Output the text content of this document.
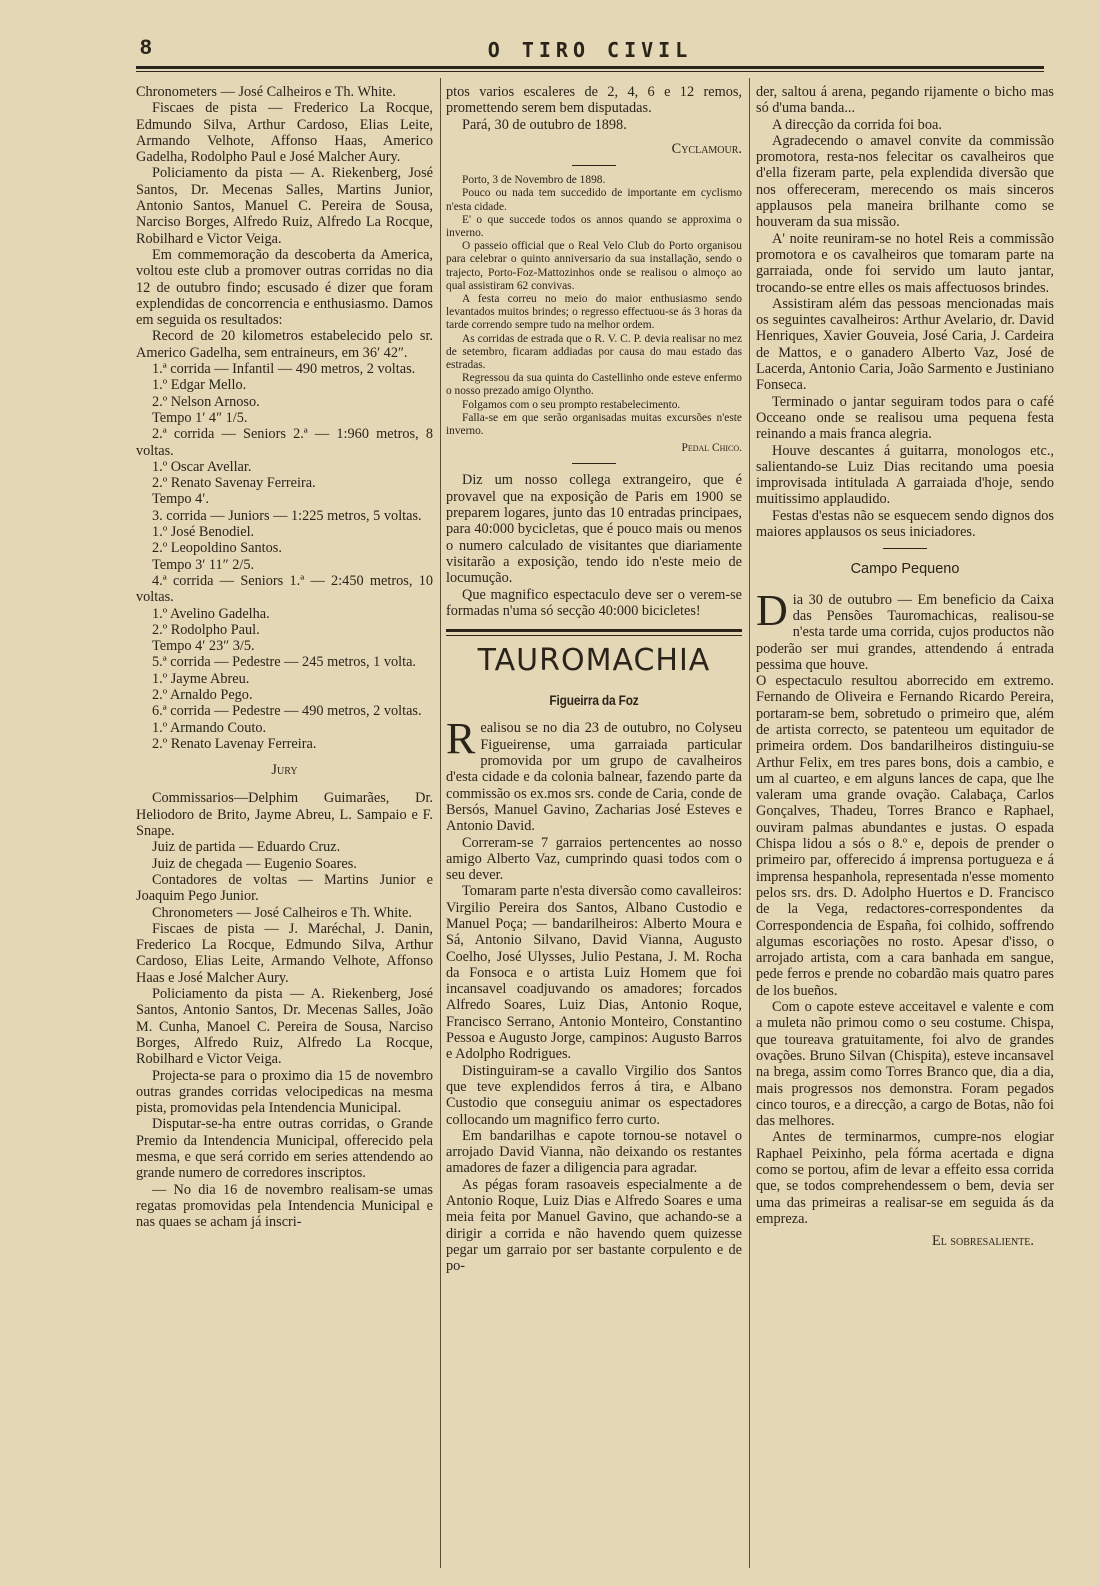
8	O TIRO CIVIL

Chronometers — José Calheiros e Th. White.

Fiscaes de pista — Frederico La Rocque, Edmundo Silva, Arthur Cardoso, Elias Leite, Armando Velhote, Affonso Haas, Americo Gadelha, Rodolpho Paul e José Malcher Aury.

Policiamento da pista — A. Riekenberg, José Santos, Dr. Mecenas Salles, Martins Junior, Antonio Santos, Manuel C. Pereira de Sousa, Narciso Borges, Alfredo Ruiz, Alfredo La Rocque, Robilhard e Victor Veiga.

Em commemoração da descoberta da America, voltou este club a promover outras corridas no dia 12 de outubro findo; escusado é dizer que foram explendidas de concorrencia e enthusiasmo. Damos em seguida os resultados:

Record de 20 kilometros estabelecido pelo sr. Americo Gadelha, sem entraineurs, em 36′ 42″.

1.ª corrida — Infantil — 490 metros, 2 voltas.

1.º Edgar Mello.

2.º Nelson Arnoso.

Tempo 1′ 4″ 1/5.

2.ª corrida — Seniors 2.ª — 1:960 metros, 8 voltas.

1.º Oscar Avellar.

2.º Renato Savenay Ferreira.

Tempo 4′.

3. corrida — Juniors — 1:225 metros, 5 voltas.

1.º José Benodiel.

2.º Leopoldino Santos.

Tempo 3′ 11″ 2/5.

4.ª corrida — Seniors 1.ª — 2:450 metros, 10 voltas.

1.º Avelino Gadelha.

2.º Rodolpho Paul.

Tempo 4′ 23″ 3/5.

5.ª corrida — Pedestre — 245 metros, 1 volta.

1.º Jayme Abreu.

2.º Arnaldo Pego.

6.ª corrida — Pedestre — 490 metros, 2 voltas.

1.º Armando Couto.

2.º Renato Lavenay Ferreira.

Jury

Commissarios—Delphim Guimarães, Dr. Heliodoro de Brito, Jayme Abreu, L. Sampaio e F. Snape.

Juiz de partida — Eduardo Cruz.

Juiz de chegada — Eugenio Soares.

Contadores de voltas — Martins Junior e Joaquim Pego Junior.

Chronometers — José Calheiros e Th. White.

Fiscaes de pista — J. Maréchal, J. Danin, Frederico La Rocque, Edmundo Silva, Arthur Cardoso, Elias Leite, Armando Velhote, Affonso Haas e José Malcher Aury.

Policiamento da pista — A. Riekenberg, José Santos, Antonio Santos, Dr. Mecenas Salles, João M. Cunha, Manoel C. Pereira de Sousa, Narciso Borges, Alfredo Ruiz, Alfredo La Rocque, Robilhard e Victor Veiga.

Projecta-se para o proximo dia 15 de novembro outras grandes corridas velocipedicas na mesma pista, promovidas pela Intendencia Municipal.

Disputar-se-ha entre outras corridas, o Grande Premio da Intendencia Municipal, offerecido pela mesma, e que será corrido em series attendendo ao grande numero de corredores inscriptos.

— No dia 16 de novembro realisam-se umas regatas promovidas pela Intendencia Municipal e nas quaes se acham já inscri-

ptos varios escaleres de 2, 4, 6 e 12 remos, promettendo serem bem disputadas.

Pará, 30 de outubro de 1898.

Cyclamour.

Porto, 3 de Novembro de 1898.

Pouco ou nada tem succedido de importante em cyclismo n'esta cidade.

E' o que succede todos os annos quando se approxima o inverno.

O passeio official que o Real Velo Club do Porto organisou para celebrar o quinto anniversario da sua installação, sendo o trajecto, Porto-Foz-Mattozinhos onde se realisou o almoço ao qual assistiram 62 convivas.

A festa correu no meio do maior enthusiasmo sendo levantados muitos brindes; o regresso effectuou-se ás 3 horas da tarde correndo sempre tudo na melhor ordem.

As corridas de estrada que o R. V. C. P. devia realisar no mez de setembro, ficaram addiadas por causa do mau estado das estradas.

Regressou da sua quinta do Castellinho onde esteve enfermo o nosso prezado amigo Olyntho.

Folgamos com o seu prompto restabelecimento.

Falla-se em que serão organisadas muitas excursões n'este inverno.

Pedal Chico.

Diz um nosso collega extrangeiro, que é provavel que na exposição de Paris em 1900 se preparem logares, junto das 10 entradas principaes, para 40:000 bycicletas, que é pouco mais ou menos o numero calculado de visitantes que diariamente visitarão a exposição, tendo ido n'este meio de locumução.

Que magnifico espectaculo deve ser o verem-se formadas n'uma só secção 40:000 bicicletes!

TAUROMACHIA
Figueirra da Foz

Realisou se no dia 23 de outubro, no Colyseu Figueirense, uma garraiada particular promovida por um grupo de cavalheiros d'esta cidade e da colonia balnear, fazendo parte da commissão os ex.mos srs. conde de Caria, conde de Bersós, Manuel Gavino, Zacharias José Esteves e Antonio David.

Correram-se 7 garraios pertencentes ao nosso amigo Alberto Vaz, cumprindo quasi todos com o seu dever.

Tomaram parte n'esta diversão como cavalleiros: Virgilio Pereira dos Santos, Albano Custodio e Manuel Poça; — bandarilheiros: Alberto Moura e Sá, Antonio Silvano, David Vianna, Augusto Coelho, José Ulysses, Julio Pestana, J. M. Rocha da Fonsoca e o artista Luiz Homem que foi incansavel coadjuvando os amadores; forcados Alfredo Soares, Luiz Dias, Antonio Roque, Francisco Serrano, Antonio Monteiro, Constantino Pessoa e Augusto Jorge, campinos: Augusto Barros e Adolpho Rodrigues.

Distinguiram-se a cavallo Virgilio dos Santos que teve explendidos ferros á tira, e Albano Custodio que conseguiu animar os espectadores collocando um magnifico ferro curto.

Em bandarilhas e capote tornou-se notavel o arrojado David Vianna, não deixando os restantes amadores de fazer a diligencia para agradar.

As pégas foram rasoaveis especialmente a de Antonio Roque, Luiz Dias e Alfredo Soares e uma meia feita por Manuel Gavino, que achando-se a dirigir a corrida e não havendo quem quizesse pegar um garraio por ser bastante corpulento e de po-

der, saltou á arena, pegando rijamente o bicho mas só d'uma banda...

A direcção da corrida foi boa.

Agradecendo o amavel convite da commissão promotora, resta-nos felecitar os cavalheiros que d'ella fizeram parte, pela explendida diversão que nos offereceram, merecendo os mais sinceros applausos pela maneira brilhante como se houveram da sua missão.

A' noite reuniram-se no hotel Reis a commissão promotora e os cavalheiros que tomaram parte na garraiada, onde foi servido um lauto jantar, trocando-se entre elles os mais affectuosos brindes.

Assistiram além das pessoas mencionadas mais os seguintes cavalheiros: Arthur Avelario, dr. David Henriques, Xavier Gouveia, José Caria, J. Cardeira de Mattos, e o ganadero Alberto Vaz, José de Lacerda, Antonio Caria, João Sarmento e Justiniano Fonseca.

Terminado o jantar seguiram todos para o café Occeano onde se realisou uma pequena festa reinando a mais franca alegria.

Houve descantes á guitarra, monologos etc., salientando-se Luiz Dias recitando uma poesia improvisada intitulada A garraiada d'hoje, sendo muitissimo applaudido.

Festas d'estas não se esquecem sendo dignos dos maiores applausos os seus iniciadores.

Campo Pequeno

Dia 30 de outubro — Em beneficio da Caixa das Pensões Tauromachicas, realisou-se n'esta tarde uma corrida, cujos productos não poderão ser mui grandes, attendendo á entrada pessima que houve.

O espectaculo resultou aborrecido em extremo. Fernando de Oliveira e Fernando Ricardo Pereira, portaram-se bem, sobretudo o primeiro que, além de artista correcto, se patenteou um equitador de primeira ordem. Dos bandarilheiros distinguiu-se Arthur Felix, em tres pares bons, dois a cambio, e um al cuarteo, e em alguns lances de capa, que lhe valeram uma grande ovação. Calabaça, Carlos Gonçalves, Thadeu, Torres Branco e Raphael, ouviram palmas abundantes e justas. O espada Chispa lidou a sós o 8.º e, depois de prender o primeiro par, offerecido á imprensa portugueza e á imprensa hespanhola, representada n'esse momento pelos srs. drs. D. Adolpho Huertos e D. Francisco de la Vega, redactores-correspondentes da Correspondencia de España, foi colhido, soffrendo algumas escoriações no rosto. Apesar d'isso, o arrojado artista, com a cara banhada em sangue, pede ferros e prende no cobardão mais quatro pares de los bueños.

Com o capote esteve acceitavel e valente e com a muleta não primou como o seu costume. Chispa, que toureava gratuitamente, foi alvo de grandes ovações. Bruno Silvan (Chispita), esteve incansavel na brega, assim como Torres Branco que, dia a dia, mais progressos nos demonstra. Foram pegados cinco touros, e a direcção, a cargo de Botas, não foi das melhores.

Antes de terminarmos, cumpre-nos elogiar Raphael Peixinho, pela fórma acertada e digna como se portou, afim de levar a effeito essa corrida que, se todos comprehendessem o bem, devia ser uma das primeiras a realisar-se em seguida ás da empreza.

El sobresaliente.
